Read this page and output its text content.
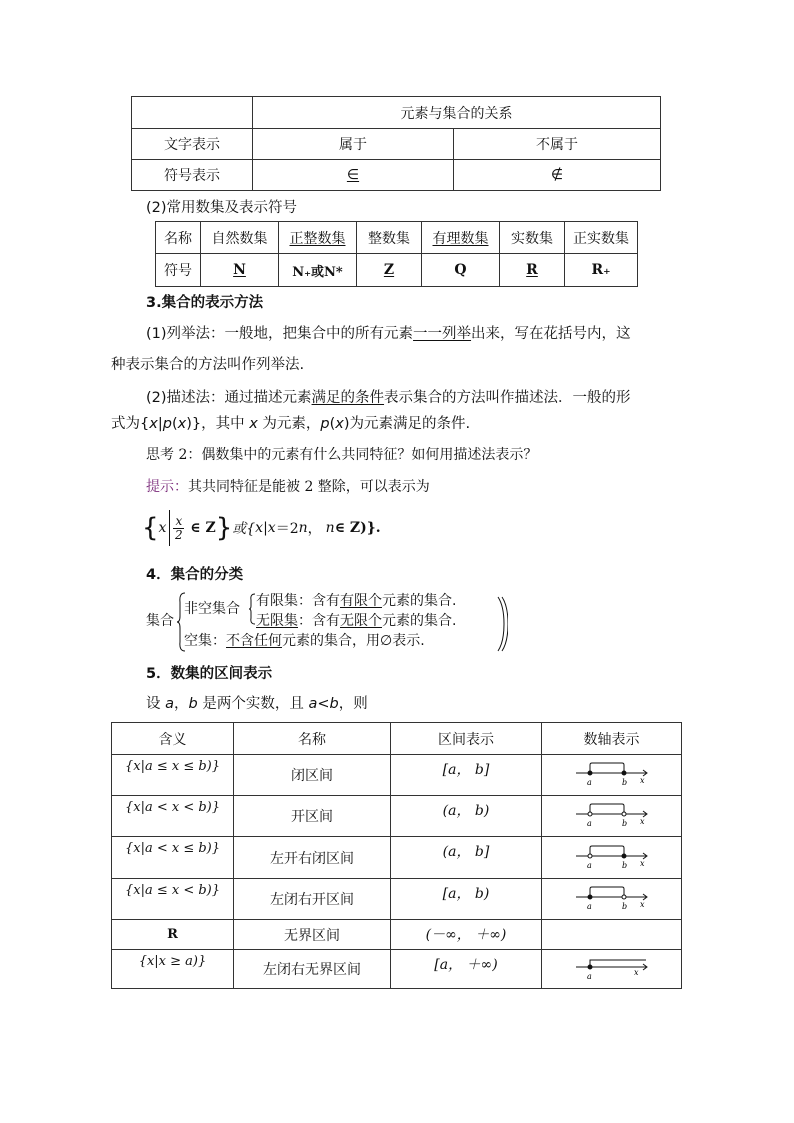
	元素与集合的关系	
文字表示	属于	不属于
符号表示	∈	∉
(2)常用数集及表示符号
名称	自然数集	正整数集	整数集	有理数集	实数集	正实数集
符号	N	N₊或N*	Z	Q	R	R₊
3.集合的表示方法
(1)列举法：一般地，把集合中的所有元素一一列举出来，写在花括号内，这
种表示集合的方法叫作列举法.
(2)描述法：通过描述元素满足的条件表示集合的方法叫作描述法．一般的形
式为{x|p(x)}，其中 x 为元素，p(x)为元素满足的条件.
思考 2：偶数集中的元素有什么共同特征？如何用描述法表示？
提示：其共同特征是能被 2 整除，可以表示为
{ x $\frac{x}{2}$ ∈ Z } 或{ x | x ＝2 n ， n ∈ Z)}.
4．集合的分类
集合
非空集合 有限集：含有有限个元素的集合.
无限集：含有无限个元素的集合.
空集：不含任何元素的集合，用∅表示.
5．数集的区间表示
设 a，b 是两个实数，且 a<b，则
含义	名称	区间表示	数轴表示
{x|a ≤ x ≤ b)}	闭区间	[a， b]	a b x

{x|a < x < b)}	开区间	(a， b)	a b x

{x|a < x ≤ b)}	左开右闭区间	(a， b]	a b x

{x|a ≤ x < b)}	左闭右开区间	[a， b)	a b x

R	无界区间	(－∞， ＋∞)	
{x|x ≥ a)}	左闭右无界区间	[a， ＋∞)	a x
